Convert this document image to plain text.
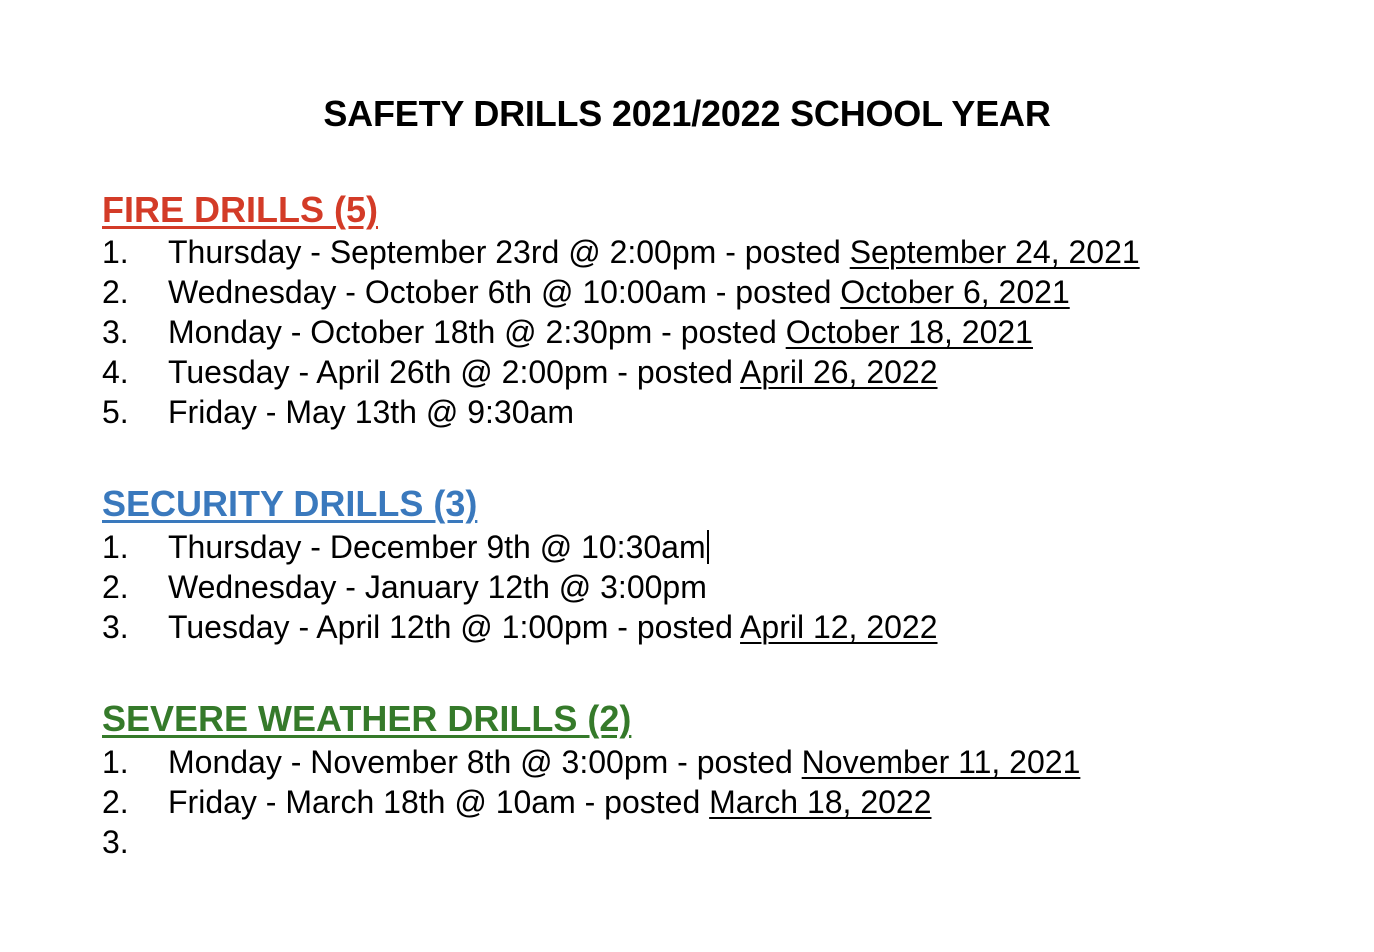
SAFETY DRILLS 2021/2022 SCHOOL YEAR
FIRE DRILLS (5)
1. Thursday - September 23rd @ 2:00pm - posted September 24, 2021
2. Wednesday - October 6th @ 10:00am - posted October 6, 2021
3. Monday - October 18th @ 2:30pm - posted October 18, 2021
4. Tuesday - April 26th @ 2:00pm - posted April 26, 2022
5. Friday - May 13th @ 9:30am
SECURITY DRILLS (3)
1. Thursday - December 9th @ 10:30am
2. Wednesday - January 12th @ 3:00pm
3. Tuesday - April 12th @ 1:00pm - posted April 12, 2022
SEVERE WEATHER DRILLS (2)
1. Monday - November 8th @ 3:00pm - posted November 11, 2021
2. Friday - March 18th @ 10am - posted March 18, 2022
3.
